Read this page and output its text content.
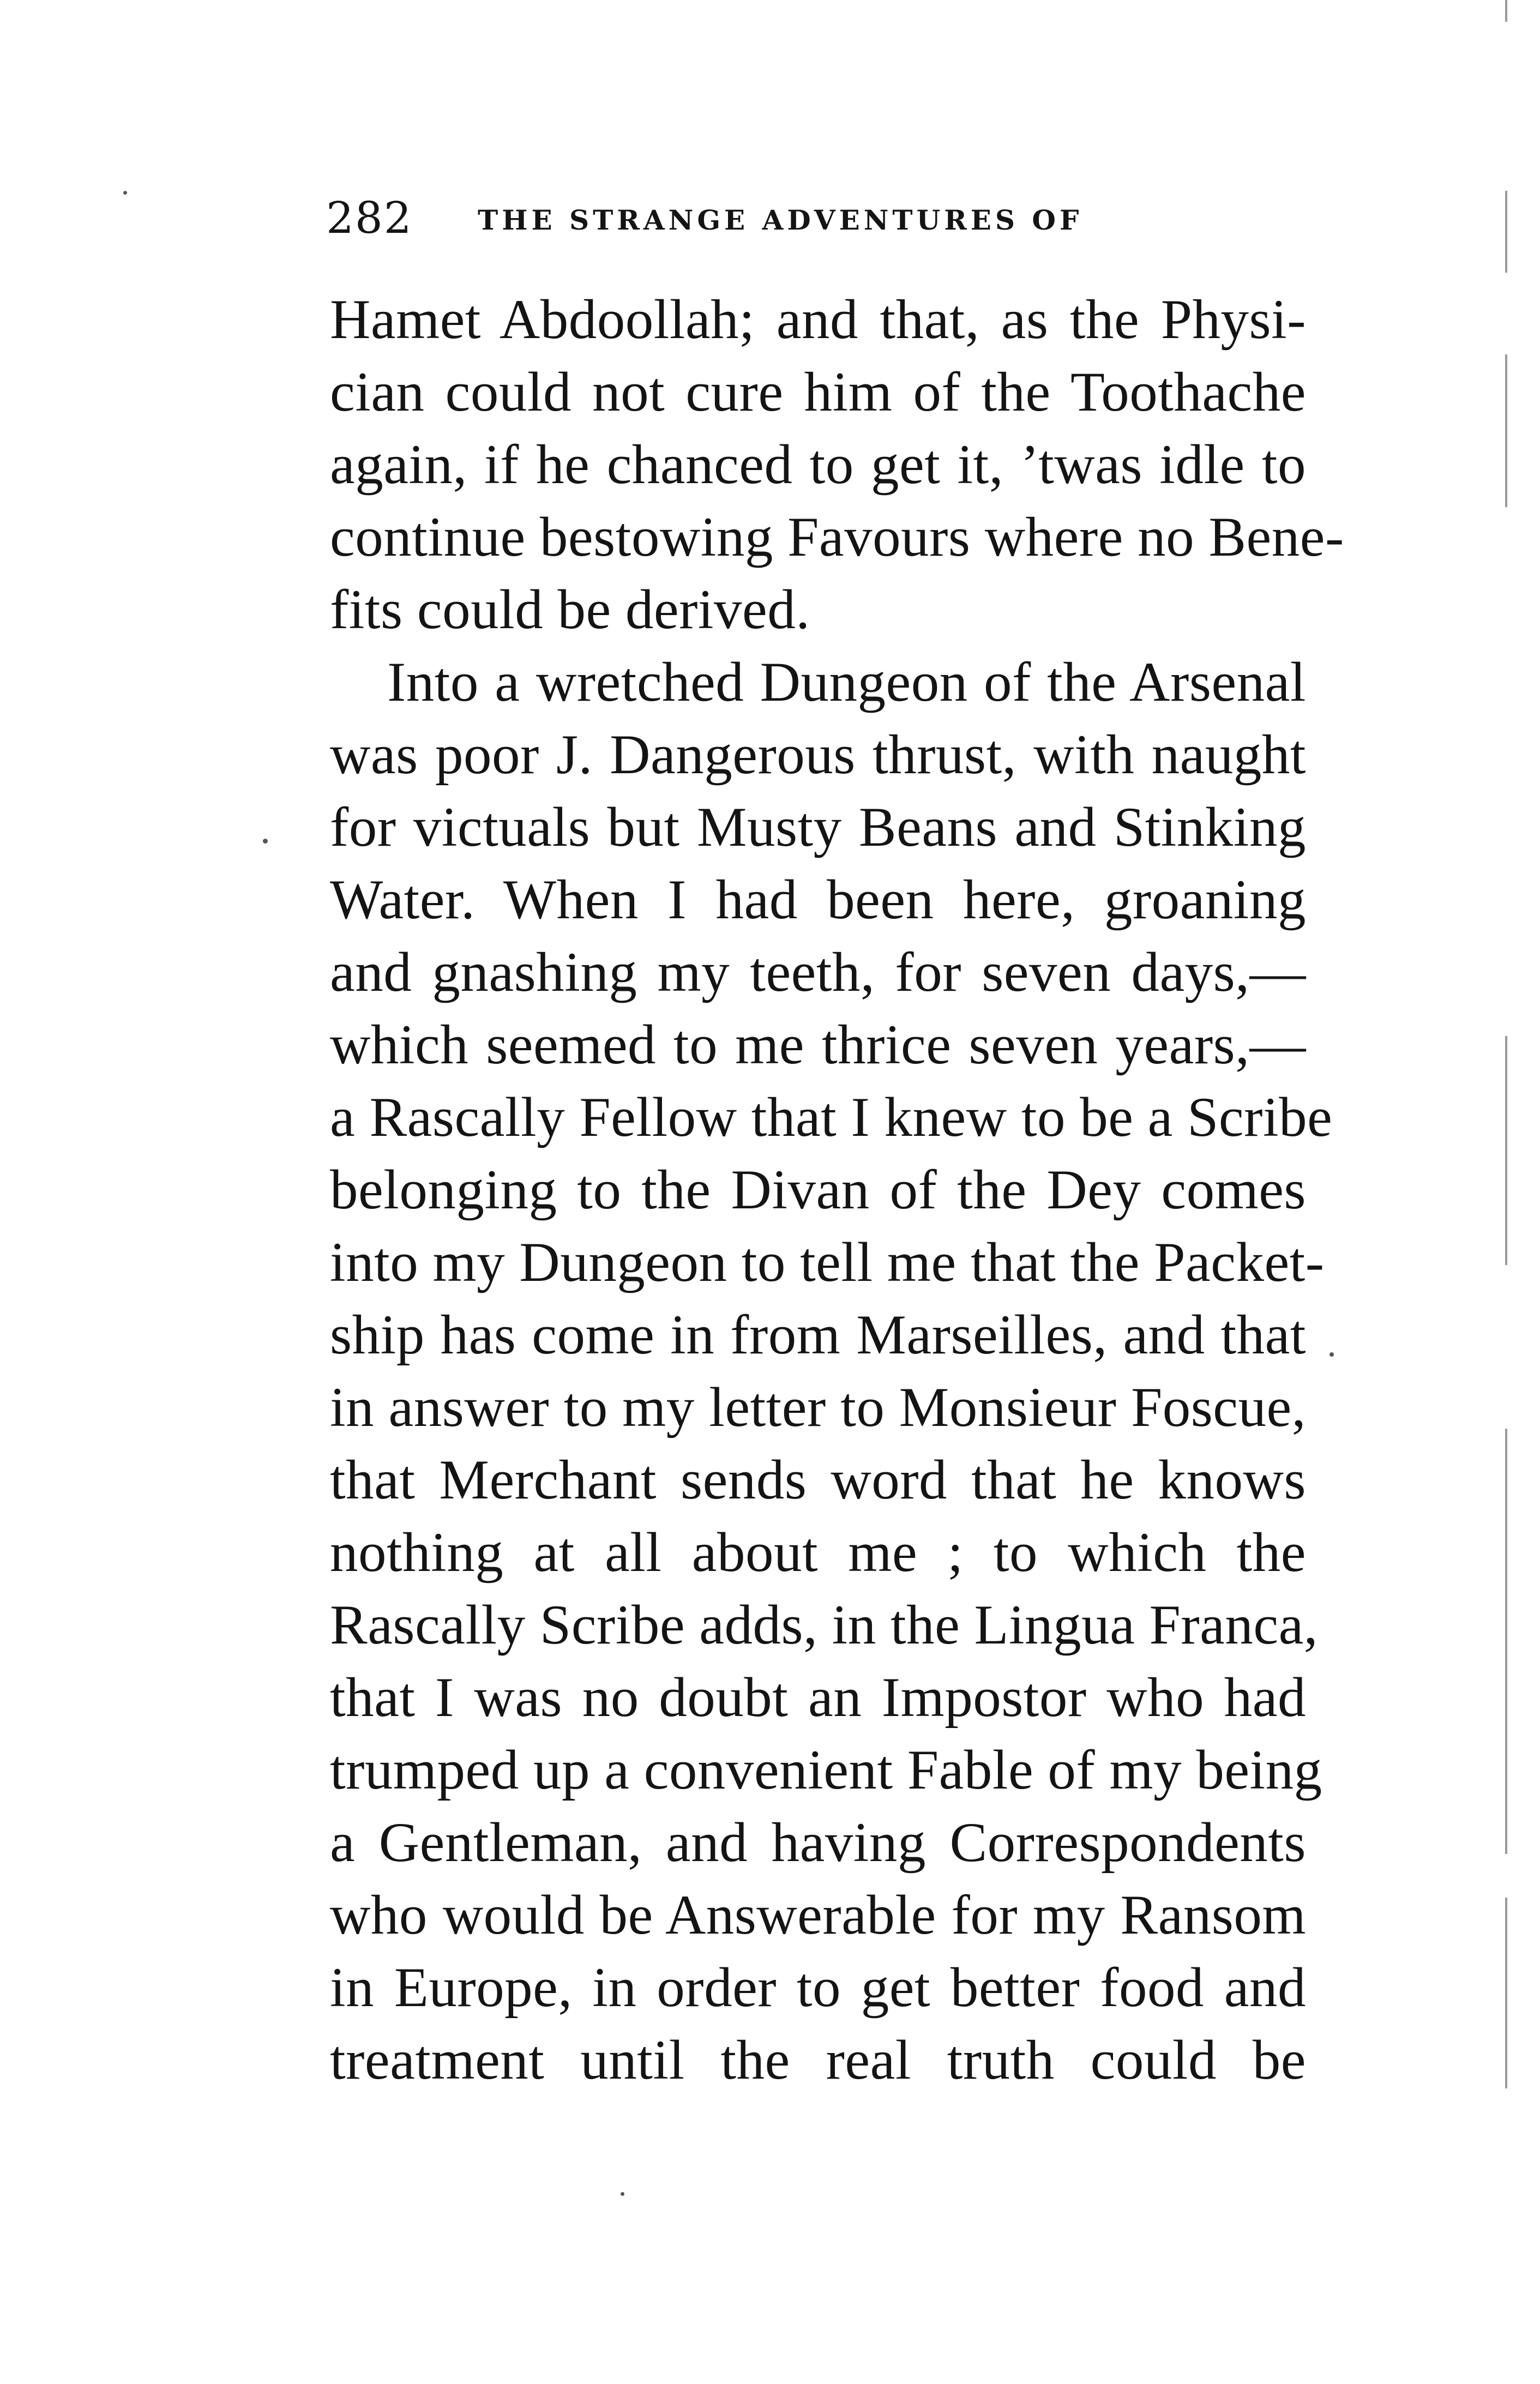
282 THE STRANGE ADVENTURES OF
Hamet Abdoollah; and that, as the Physi-
cian could not cure him of the Toothache
again, if he chanced to get it, ’twas idle to
continue bestowing Favours where no Bene-
fits could be derived.
Into a wretched Dungeon of the Arsenal
was poor J. Dangerous thrust, with naught
for victuals but Musty Beans and Stinking
Water. When I had been here, groaning
and gnashing my teeth, for seven days,—
which seemed to me thrice seven years,—
a Rascally Fellow that I knew to be a Scribe
belonging to the Divan of the Dey comes
into my Dungeon to tell me that the Packet-
ship has come in from Marseilles, and that
in answer to my letter to Monsieur Foscue,
that Merchant sends word that he knows
nothing at all about me ; to which the
Rascally Scribe adds, in the Lingua Franca,
that I was no doubt an Impostor who had
trumped up a convenient Fable of my being
a Gentleman, and having Correspondents
who would be Answerable for my Ransom
in Europe, in order to get better food and
treatment until the real truth could be
